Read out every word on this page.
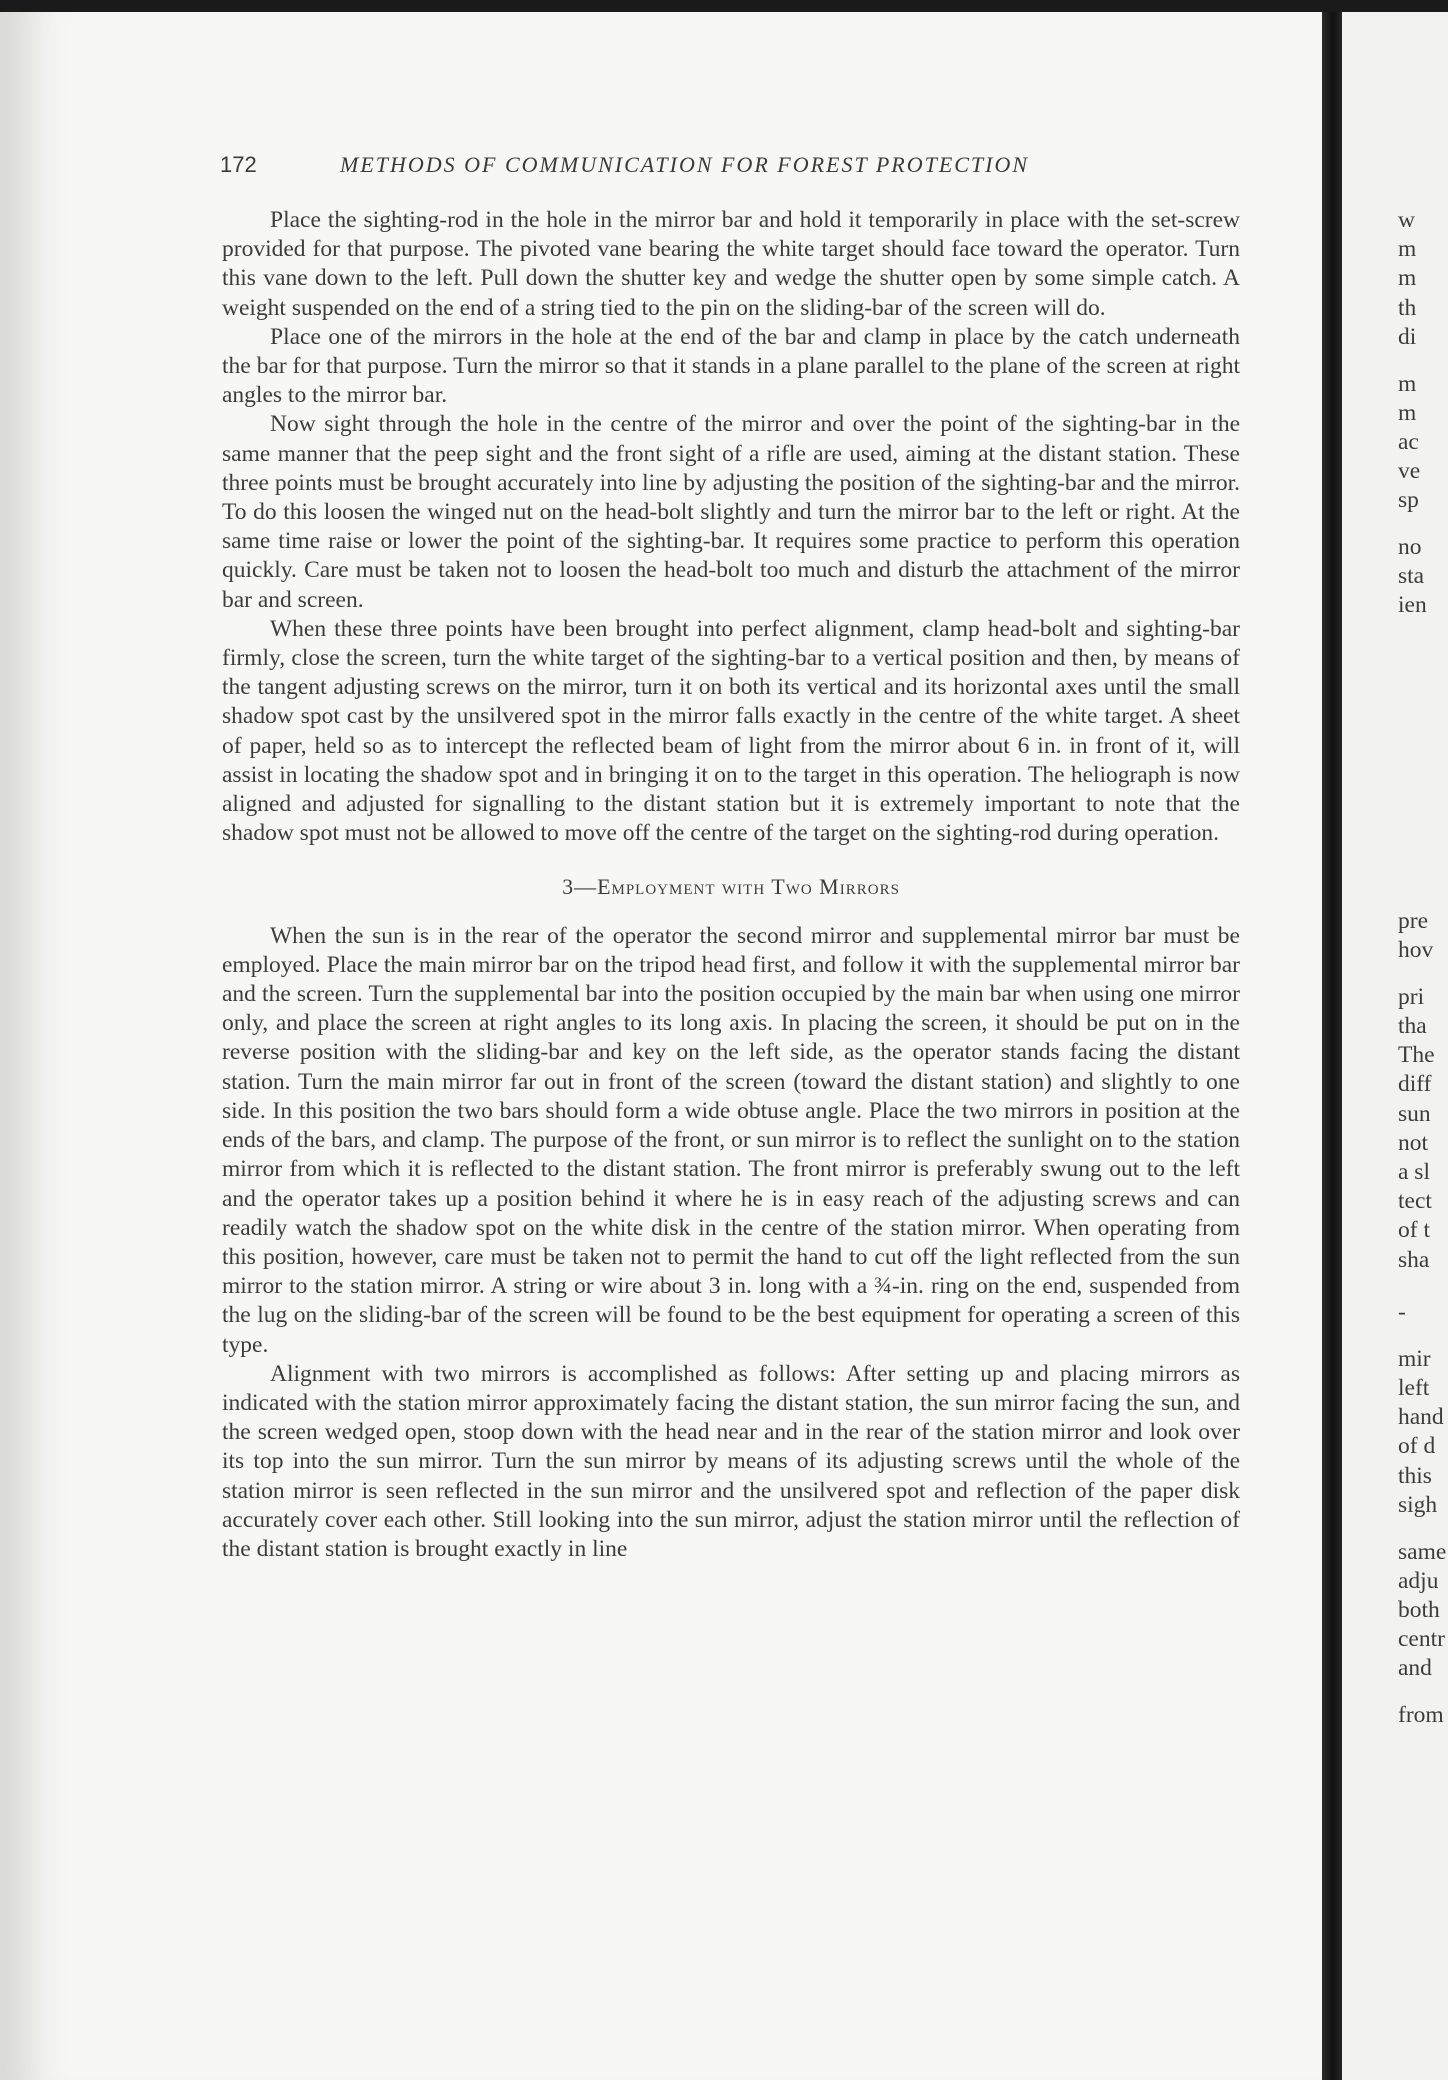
172	METHODS OF COMMUNICATION FOR FOREST PROTECTION

Place the sighting-rod in the hole in the mirror bar and hold it temporarily in place with the set-screw provided for that purpose. The pivoted vane bearing the white target should face toward the operator. Turn this vane down to the left. Pull down the shutter key and wedge the shutter open by some simple catch. A weight suspended on the end of a string tied to the pin on the sliding-bar of the screen will do.

Place one of the mirrors in the hole at the end of the bar and clamp in place by the catch underneath the bar for that purpose. Turn the mirror so that it stands in a plane parallel to the plane of the screen at right angles to the mirror bar.

Now sight through the hole in the centre of the mirror and over the point of the sighting-bar in the same manner that the peep sight and the front sight of a rifle are used, aiming at the distant station. These three points must be brought accurately into line by adjusting the position of the sighting-bar and the mirror. To do this loosen the winged nut on the head-bolt slightly and turn the mirror bar to the left or right. At the same time raise or lower the point of the sighting-bar. It requires some practice to perform this operation quickly. Care must be taken not to loosen the head-bolt too much and disturb the attachment of the mirror bar and screen.

When these three points have been brought into perfect alignment, clamp head-bolt and sighting-bar firmly, close the screen, turn the white target of the sighting-bar to a vertical position and then, by means of the tangent adjusting screws on the mirror, turn it on both its vertical and its horizontal axes until the small shadow spot cast by the unsilvered spot in the mirror falls exactly in the centre of the white target. A sheet of paper, held so as to intercept the reflected beam of light from the mirror about 6 in. in front of it, will assist in locating the shadow spot and in bringing it on to the target in this operation. The heliograph is now aligned and adjusted for signalling to the distant station but it is extremely important to note that the shadow spot must not be allowed to move off the centre of the target on the sighting-rod during operation.

3—Employment with Two Mirrors

When the sun is in the rear of the operator the second mirror and supplemental mirror bar must be employed. Place the main mirror bar on the tripod head first, and follow it with the supplemental mirror bar and the screen. Turn the supplemental bar into the position occupied by the main bar when using one mirror only, and place the screen at right angles to its long axis. In placing the screen, it should be put on in the reverse position with the sliding-bar and key on the left side, as the operator stands facing the distant station. Turn the main mirror far out in front of the screen (toward the distant station) and slightly to one side. In this position the two bars should form a wide obtuse angle. Place the two mirrors in position at the ends of the bars, and clamp. The purpose of the front, or sun mirror is to reflect the sunlight on to the station mirror from which it is reflected to the distant station. The front mirror is preferably swung out to the left and the operator takes up a position behind it where he is in easy reach of the adjusting screws and can readily watch the shadow spot on the white disk in the centre of the station mirror. When operating from this position, however, care must be taken not to permit the hand to cut off the light reflected from the sun mirror to the station mirror. A string or wire about 3 in. long with a ¾-in. ring on the end, suspended from the lug on the sliding-bar of the screen will be found to be the best equipment for operating a screen of this type.

Alignment with two mirrors is accomplished as follows: After setting up and placing mirrors as indicated with the station mirror approximately facing the distant station, the sun mirror facing the sun, and the screen wedged open, stoop down with the head near and in the rear of the station mirror and look over its top into the sun mirror. Turn the sun mirror by means of its adjusting screws until the whole of the station mirror is seen reflected in the sun mirror and the unsilvered spot and reflection of the paper disk accurately cover each other. Still looking into the sun mirror, adjust the station mirror until the reflection of the distant station is brought exactly in line

w
m
m
th
di
m
m
ac
ve
sp
no
sta
ien
pre
hov
pri
tha
The
diff
sun
not
a sl
tect
of t
sha
-
mir
left
hand
of d
this
sigh
same
adju
both
centr
and
from
